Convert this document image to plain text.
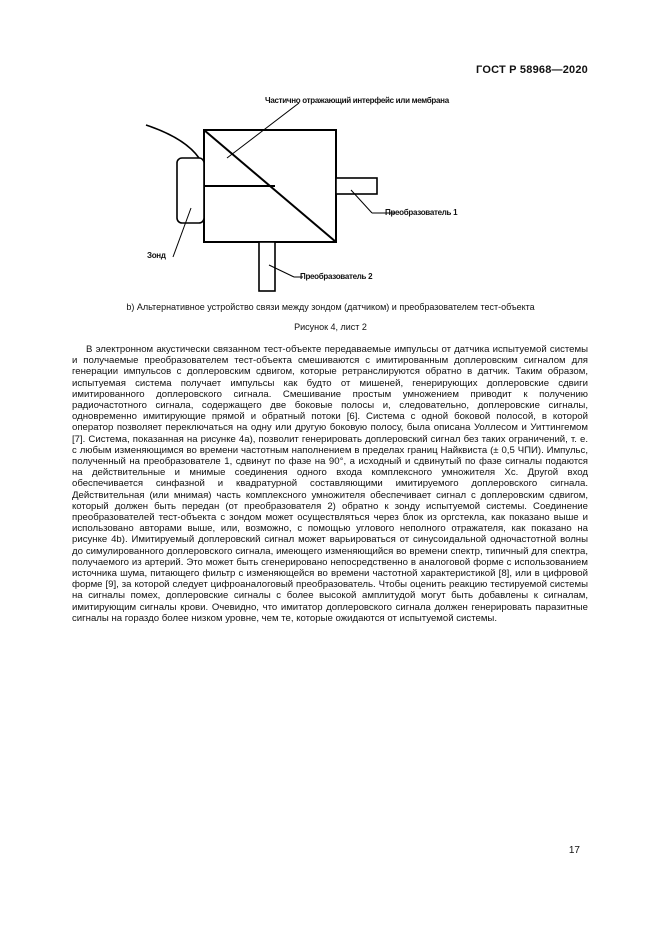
ГОСТ Р 58968—2020
Частично отражающий интерфейс или мембрана
Преобразователь 1
Преобразователь 2
Зонд
b) Альтернативное устройство связи между зондом (датчиком) и преобразователем тест-объекта
Рисунок 4, лист 2

В электронном акустически связанном тест-объекте передаваемые импульсы от датчика испытуемой системы и получаемые преобразователем тест-объекта смешиваются с имитированным доплеровским сигналом для генерации импульсов с доплеровским сдвигом, которые ретранслируются обратно в датчик. Таким образом, испытуемая система получает импульсы как будто от мишеней, генерирующих доплеровские сдвиги имитированного доплеровского сигнала. Смешивание простым умножением приводит к получению радиочастотного сигнала, содержащего две боковые полосы и, следовательно, доплеровские сигналы, одновременно имитирующие прямой и обратный потоки [6]. Система с одной боковой полосой, в которой оператор позволяет переключаться на одну или другую боковую полосу, была описана Уоллесом и Уиттингемом [7]. Система, показанная на рисунке 4a), позволит генерировать доплеровский сигнал без таких ограничений, т. е. с любым изменяющимся во времени частотным наполнением в пределах границ Найквиста (± 0,5 ЧПИ). Импульс, полученный на преобразователе 1, сдвинут по фазе на 90°, а исходный и сдвинутый по фазе сигналы подаются на действительные и мнимые соединения одного входа комплексного умножителя Xc. Другой вход обеспечивается синфазной и квадратурной составляющими имитируемого доплеровского сигнала. Действительная (или мнимая) часть комплексного умножителя обеспечивает сигнал с доплеровским сдвигом, который должен быть передан (от преобразователя 2) обратно к зонду испытуемой системы. Соединение преобразователей тест-объекта с зондом может осуществляться через блок из оргстекла, как показано выше и использовано авторами выше, или, возможно, с помощью углового неполного отражателя, как показано на рисунке 4b). Имитируемый доплеровский сигнал может варьироваться от синусоидальной одночастотной волны до симулированного доплеровского сигнала, имеющего изменяющийся во времени спектр, типичный для спектра, получаемого из артерий. Это может быть сгенерировано непосредственно в аналоговой форме с использованием источника шума, питающего фильтр с изменяющейся во времени частотной характеристикой [8], или в цифровой форме [9], за которой следует цифроаналоговый преобразователь. Чтобы оценить реакцию тестируемой системы на сигналы помех, доплеровские сигналы с более высокой амплитудой могут быть добавлены к сигналам, имитирующим сигналы крови. Очевидно, что имитатор доплеровского сигнала должен генерировать паразитные сигналы на гораздо более низком уровне, чем те, которые ожидаются от испытуемой системы.

17
